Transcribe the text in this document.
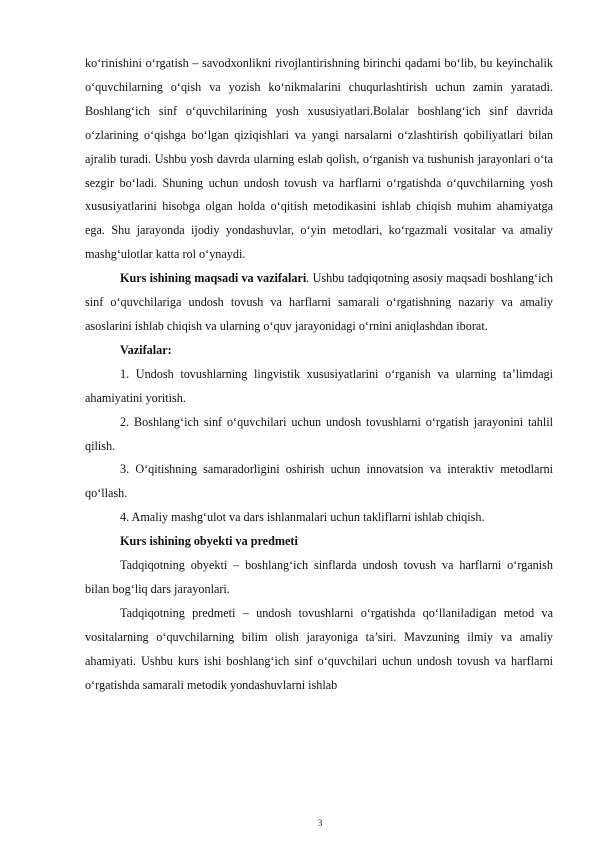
ko‘rinishini o‘rgatish – savodxonlikni rivojlantirishning birinchi qadami bo‘lib, bu keyinchalik o‘quvchilarning o‘qish va yozish ko‘nikmalarini chuqurlashtirish uchun zamin yaratadi. Boshlang‘ich sinf o‘quvchilarining yosh xususiyatlari.Bolalar boshlang‘ich sinf davrida o‘zlarining o‘qishga bo‘lgan qiziqishlari va yangi narsalarni o‘zlashtirish qobiliyatlari bilan ajralib turadi. Ushbu yosh davrda ularning eslab qolish, o‘rganish va tushunish jarayonlari o‘ta sezgir bo‘ladi. Shuning uchun undosh tovush va harflarni o‘rgatishda o‘quvchilarning yosh xususiyatlarini hisobga olgan holda o‘qitish metodikasini ishlab chiqish muhim ahamiyatga ega. Shu jarayonda ijodiy yondashuvlar, o‘yin metodlari, ko‘rgazmali vositalar va amaliy mashg‘ulotlar katta rol o‘ynaydi.

Kurs ishining maqsadi va vazifalari. Ushbu tadqiqotning asosiy maqsadi boshlang‘ich sinf o‘quvchilariga undosh tovush va harflarni samarali o‘rgatishning nazariy va amaliy asoslarini ishlab chiqish va ularning o‘quv jarayonidagi o‘rnini aniqlashdan iborat.

Vazifalar:

1. Undosh tovushlarning lingvistik xususiyatlarini o‘rganish va ularning ta’limdagi ahamiyatini yoritish.

2. Boshlang‘ich sinf o‘quvchilari uchun undosh tovushlarni o‘rgatish jarayonini tahlil qilish.

3. O‘qitishning samaradorligini oshirish uchun innovatsion va interaktiv metodlarni qo‘llash.

4. Amaliy mashg‘ulot va dars ishlanmalari uchun takliflarni ishlab chiqish.

Kurs ishining obyekti va predmeti

Tadqiqotning obyekti – boshlang‘ich sinflarda undosh tovush va harflarni o‘rganish bilan bog‘liq dars jarayonlari.

Tadqiqotning predmeti – undosh tovushlarni o‘rgatishda qo‘llaniladigan metod va vositalarning o‘quvchilarning bilim olish jarayoniga ta’siri. Mavzuning ilmiy va amaliy ahamiyati. Ushbu kurs ishi boshlang‘ich sinf o‘quvchilari uchun undosh tovush va harflarni o‘rgatishda samarali metodik yondashuvlarni ishlab

3
